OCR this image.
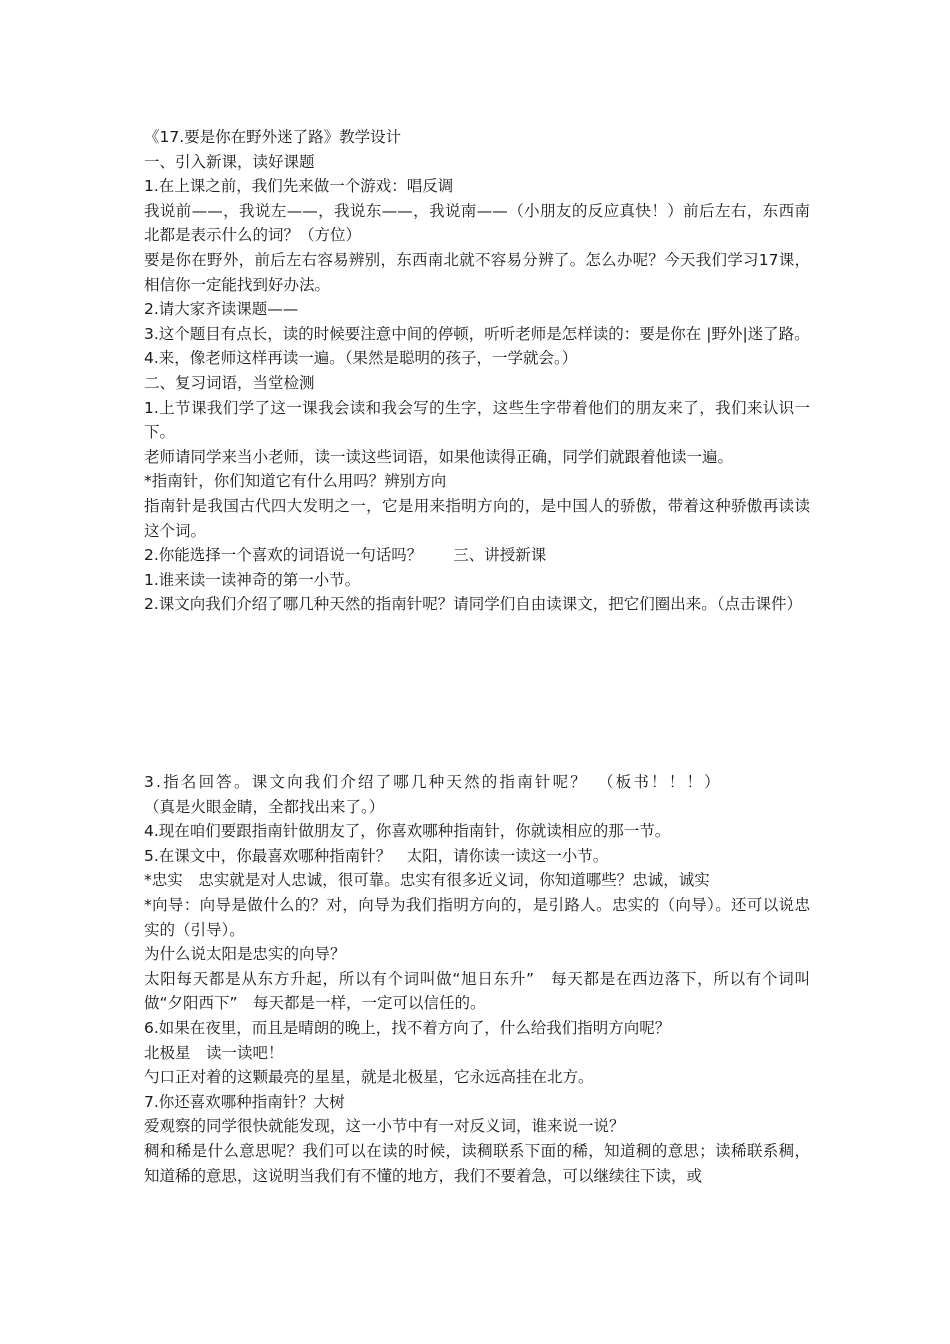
《17.要是你在野外迷了路》教学设计

一、引入新课，读好课题

1.在上课之前，我们先来做一个游戏：唱反调

我说前——，我说左——，我说东——，我说南——（小朋友的反应真快！）前后左右，东西南北都是表示什么的词？（方位）

要是你在野外，前后左右容易辨别，东西南北就不容易分辨了。怎么办呢？今天我们学习17课，相信你一定能找到好办法。

2.请大家齐读课题——

3.这个题目有点长，读的时候要注意中间的停顿，听听老师是怎样读的：要是你在 |野外|迷了路。

4.来，像老师这样再读一遍。（果然是聪明的孩子，一学就会。）

二、复习词语，当堂检测

1.上节课我们学了这一课我会读和我会写的生字，这些生字带着他们的朋友来了，我们来认识一下。

老师请同学来当小老师，读一读这些词语，如果他读得正确，同学们就跟着他读一遍。

*指南针，你们知道它有什么用吗？辨别方向

指南针是我国古代四大发明之一，它是用来指明方向的，是中国人的骄傲，带着这种骄傲再读读这个词。

2.你能选择一个喜欢的词语说一句话吗？　　三、讲授新课

1.谁来读一读神奇的第一小节。

2.课文向我们介绍了哪几种天然的指南针呢？请同学们自由读课文，把它们圈出来。（点击课件）

3.指名回答。课文向我们介绍了哪几种天然的指南针呢？　（板书！！！）

（真是火眼金睛，全都找出来了。）

4.现在咱们要跟指南针做朋友了，你喜欢哪种指南针，你就读相应的那一节。

5.在课文中，你最喜欢哪种指南针？　太阳，请你读一读这一小节。

*忠实　忠实就是对人忠诚，很可靠。忠实有很多近义词，你知道哪些？忠诚，诚实

*向导：向导是做什么的？对，向导为我们指明方向的，是引路人。忠实的（向导）。还可以说忠实的（引导）。

为什么说太阳是忠实的向导？

太阳每天都是从东方升起，所以有个词叫做“旭日东升”　每天都是在西边落下，所以有个词叫做“夕阳西下”　每天都是一样，一定可以信任的。

6.如果在夜里，而且是晴朗的晚上，找不着方向了，什么给我们指明方向呢？

北极星　读一读吧！

勺口正对着的这颗最亮的星星，就是北极星，它永远高挂在北方。

7.你还喜欢哪种指南针？大树

爱观察的同学很快就能发现，这一小节中有一对反义词，谁来说一说？

稠和稀是什么意思呢？我们可以在读的时候，读稠联系下面的稀，知道稠的意思；读稀联系稠，知道稀的意思，这说明当我们有不懂的地方，我们不要着急，可以继续往下读，或
